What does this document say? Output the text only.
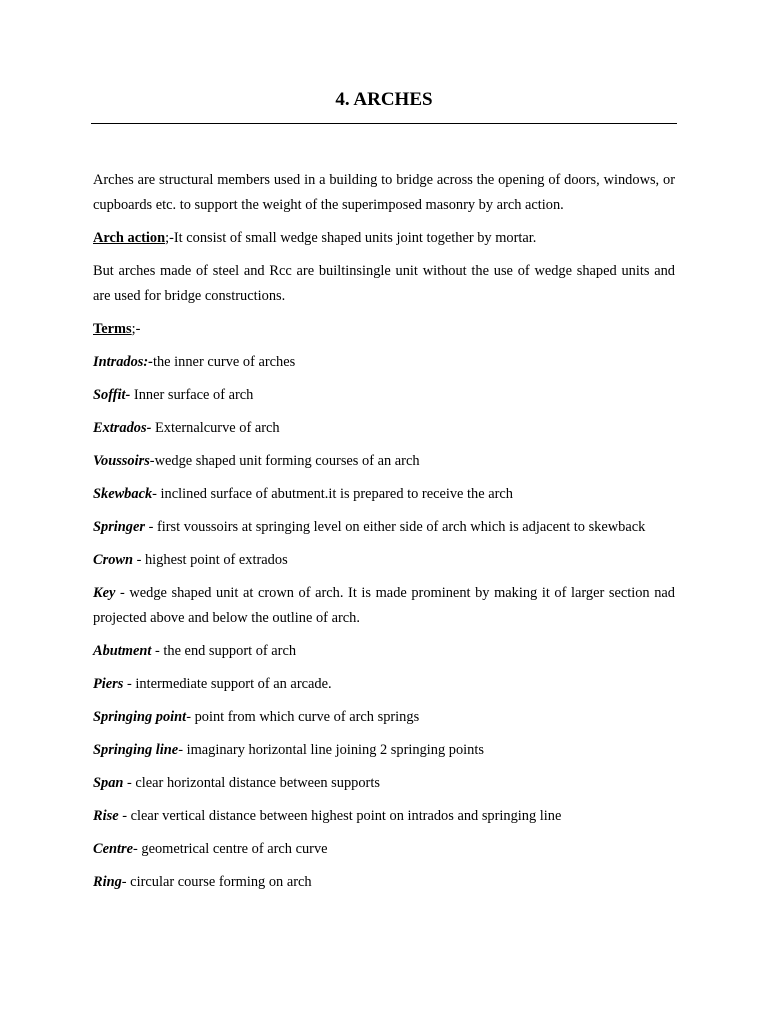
4. ARCHES

Arches are structural members used in a building to bridge across the opening of doors, windows, or cupboards etc. to support the weight of the superimposed masonry by arch action.

Arch action;-It consist of small wedge shaped units joint together by mortar.

But arches made of steel and Rcc are builtinsingle unit without the use of wedge shaped units and are used for bridge constructions.

Terms;-

Intrados:-the inner curve of arches

Soffit- Inner surface of arch

Extrados- Externalcurve of arch

Voussoirs-wedge shaped unit forming courses of an arch

Skewback- inclined surface of abutment.it is prepared to receive the arch

Springer - first voussoirs at springing level on either side of arch which is adjacent to skewback

Crown - highest point of extrados

Key - wedge shaped unit at crown of arch. It is made prominent by making it of larger section nad projected above and below the outline of arch.

Abutment - the end support of arch

Piers - intermediate support of an arcade.

Springing point- point from which curve of arch springs

Springing line- imaginary horizontal line joining 2 springing points

Span - clear horizontal distance between supports

Rise - clear vertical distance between highest point on intrados and springing line

Centre- geometrical centre of arch curve

Ring- circular course forming on arch
